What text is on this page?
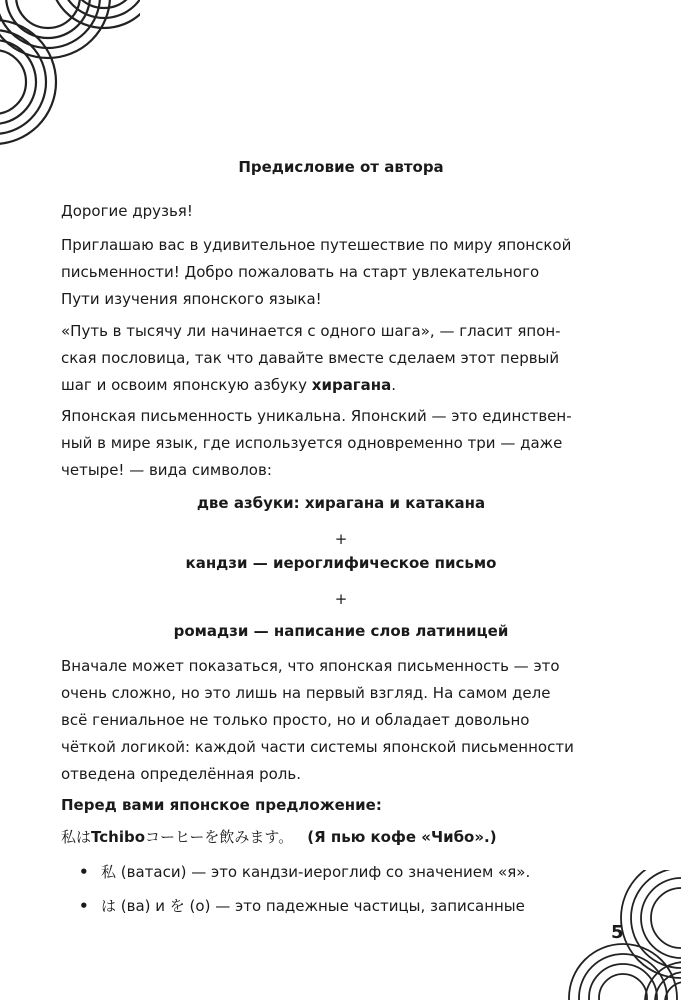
Предисловие от автора

Дорогие друзья!

Приглашаю вас в удивительное путешествие по миру японской
письменности! Добро пожаловать на старт увлекательного
Пути изучения японского языка!
«Путь в тысячу ли начинается с одного шага», — гласит япон-
ская пословица, так что давайте вместе сделаем этот первый
шаг и освоим японскую азбуку хирагана.
Японская письменность уникальна. Японский — это единствен-
ный в мире язык, где используется одновременно три — даже
четыре! — вида символов:
две азбуки: хирагана и катакана
+
кандзи — иероглифическое письмо
+
ромадзи — написание слов латиницей
Вначале может показаться, что японская письменность — это
очень сложно, но это лишь на первый взгляд. На самом деле
всё гениальное не только просто, но и обладает довольно
чёткой логикой: каждой части системы японской письменности
отведена определённая роль.

Перед вами японское предложение:

私はTchiboコーヒーを飲みます。 (Я пью кофе «Чибо».)
• 私 (ватаси) — это кандзи-иероглиф со значением «я».
• は (ва) и を (о) — это падежные частицы, записанные
5
